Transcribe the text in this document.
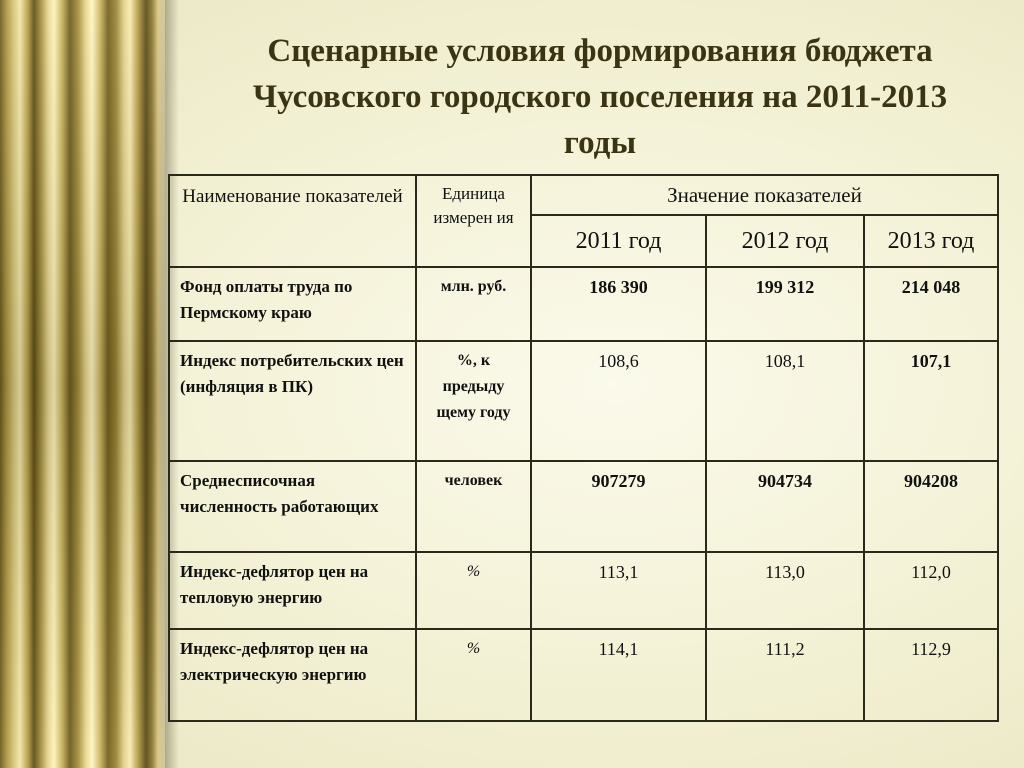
Сценарные условия формирования бюджета
Чусовского городского поселения на 2011-2013
годы
Наименование показателей	Единица измерен ия	Значение показателей		
		2011 год	2012 год	2013 год
Фонд оплаты труда по Пермскому краю	млн. руб.	186 390	199 312	214 048
Индекс потребительских цен (инфляция в ПК)	%, к предыду щему году	108,6	108,1	107,1
Среднесписочная численность работающих	человек	907279	904734	904208
Индекс-дефлятор цен на тепловую энергию	%	113,1	113,0	112,0
Индекс-дефлятор цен на электрическую энергию	%	114,1	111,2	112,9
